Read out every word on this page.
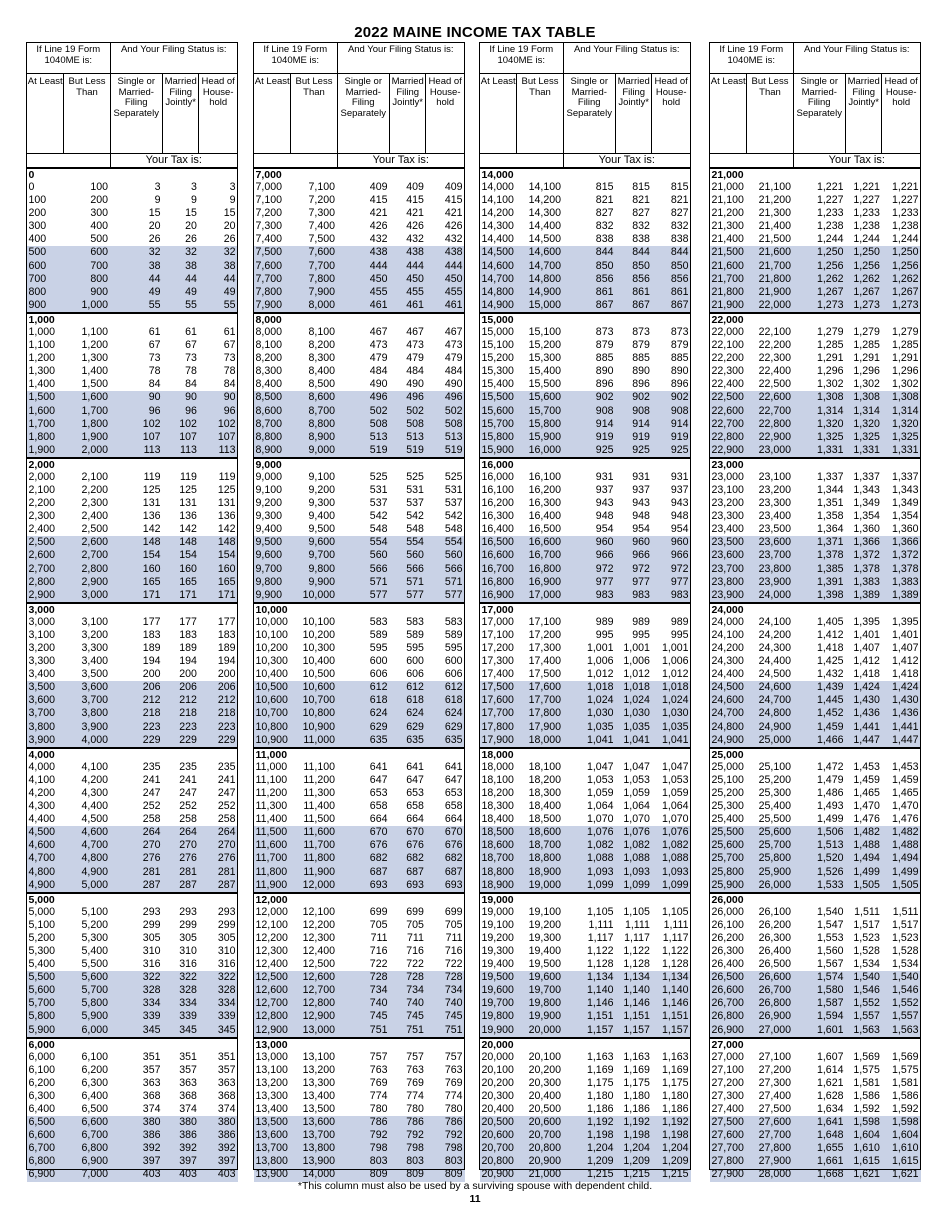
2022 MAINE INCOME TAX TABLE
If Line 19 Form 1040ME is:		And Your Filing Status is:		
At Least	But Less Than	Single or Married-Filing Separately	Married Filing Jointly*	Head of House-hold
		Your Tax is:		
0				
0	100	3	3	3
100	200	9	9	9
200	300	15	15	15
300	400	20	20	20
400	500	26	26	26
500	600	32	32	32
600	700	38	38	38
700	800	44	44	44
800	900	49	49	49
900	1,000	55	55	55
1,000				
1,000	1,100	61	61	61
1,100	1,200	67	67	67
1,200	1,300	73	73	73
1,300	1,400	78	78	78
1,400	1,500	84	84	84
1,500	1,600	90	90	90
1,600	1,700	96	96	96
1,700	1,800	102	102	102
1,800	1,900	107	107	107
1,900	2,000	113	113	113
2,000				
2,000	2,100	119	119	119
2,100	2,200	125	125	125
2,200	2,300	131	131	131
2,300	2,400	136	136	136
2,400	2,500	142	142	142
2,500	2,600	148	148	148
2,600	2,700	154	154	154
2,700	2,800	160	160	160
2,800	2,900	165	165	165
2,900	3,000	171	171	171
3,000				
3,000	3,100	177	177	177
3,100	3,200	183	183	183
3,200	3,300	189	189	189
3,300	3,400	194	194	194
3,400	3,500	200	200	200
3,500	3,600	206	206	206
3,600	3,700	212	212	212
3,700	3,800	218	218	218
3,800	3,900	223	223	223
3,900	4,000	229	229	229
4,000				
4,000	4,100	235	235	235
4,100	4,200	241	241	241
4,200	4,300	247	247	247
4,300	4,400	252	252	252
4,400	4,500	258	258	258
4,500	4,600	264	264	264
4,600	4,700	270	270	270
4,700	4,800	276	276	276
4,800	4,900	281	281	281
4,900	5,000	287	287	287
5,000				
5,000	5,100	293	293	293
5,100	5,200	299	299	299
5,200	5,300	305	305	305
5,300	5,400	310	310	310
5,400	5,500	316	316	316
5,500	5,600	322	322	322
5,600	5,700	328	328	328
5,700	5,800	334	334	334
5,800	5,900	339	339	339
5,900	6,000	345	345	345
6,000				
6,000	6,100	351	351	351
6,100	6,200	357	357	357
6,200	6,300	363	363	363
6,300	6,400	368	368	368
6,400	6,500	374	374	374
6,500	6,600	380	380	380
6,600	6,700	386	386	386
6,700	6,800	392	392	392
6,800	6,900	397	397	397
6,900	7,000	403	403	403
If Line 19 Form 1040ME is:		And Your Filing Status is:		
At Least	But Less Than	Single or Married-Filing Separately	Married Filing Jointly*	Head of House-hold
		Your Tax is:		
7,000				
7,000	7,100	409	409	409
7,100	7,200	415	415	415
7,200	7,300	421	421	421
7,300	7,400	426	426	426
7,400	7,500	432	432	432
7,500	7,600	438	438	438
7,600	7,700	444	444	444
7,700	7,800	450	450	450
7,800	7,900	455	455	455
7,900	8,000	461	461	461
8,000				
8,000	8,100	467	467	467
8,100	8,200	473	473	473
8,200	8,300	479	479	479
8,300	8,400	484	484	484
8,400	8,500	490	490	490
8,500	8,600	496	496	496
8,600	8,700	502	502	502
8,700	8,800	508	508	508
8,800	8,900	513	513	513
8,900	9,000	519	519	519
9,000				
9,000	9,100	525	525	525
9,100	9,200	531	531	531
9,200	9,300	537	537	537
9,300	9,400	542	542	542
9,400	9,500	548	548	548
9,500	9,600	554	554	554
9,600	9,700	560	560	560
9,700	9,800	566	566	566
9,800	9,900	571	571	571
9,900	10,000	577	577	577
10,000				
10,000	10,100	583	583	583
10,100	10,200	589	589	589
10,200	10,300	595	595	595
10,300	10,400	600	600	600
10,400	10,500	606	606	606
10,500	10,600	612	612	612
10,600	10,700	618	618	618
10,700	10,800	624	624	624
10,800	10,900	629	629	629
10,900	11,000	635	635	635
11,000				
11,000	11,100	641	641	641
11,100	11,200	647	647	647
11,200	11,300	653	653	653
11,300	11,400	658	658	658
11,400	11,500	664	664	664
11,500	11,600	670	670	670
11,600	11,700	676	676	676
11,700	11,800	682	682	682
11,800	11,900	687	687	687
11,900	12,000	693	693	693
12,000				
12,000	12,100	699	699	699
12,100	12,200	705	705	705
12,200	12,300	711	711	711
12,300	12,400	716	716	716
12,400	12,500	722	722	722
12,500	12,600	728	728	728
12,600	12,700	734	734	734
12,700	12,800	740	740	740
12,800	12,900	745	745	745
12,900	13,000	751	751	751
13,000				
13,000	13,100	757	757	757
13,100	13,200	763	763	763
13,200	13,300	769	769	769
13,300	13,400	774	774	774
13,400	13,500	780	780	780
13,500	13,600	786	786	786
13,600	13,700	792	792	792
13,700	13,800	798	798	798
13,800	13,900	803	803	803
13,900	14,000	809	809	809
If Line 19 Form 1040ME is:		And Your Filing Status is:		
At Least	But Less Than	Single or Married-Filing Separately	Married Filing Jointly*	Head of House-hold
		Your Tax is:		
14,000				
14,000	14,100	815	815	815
14,100	14,200	821	821	821
14,200	14,300	827	827	827
14,300	14,400	832	832	832
14,400	14,500	838	838	838
14,500	14,600	844	844	844
14,600	14,700	850	850	850
14,700	14,800	856	856	856
14,800	14,900	861	861	861
14,900	15,000	867	867	867
15,000				
15,000	15,100	873	873	873
15,100	15,200	879	879	879
15,200	15,300	885	885	885
15,300	15,400	890	890	890
15,400	15,500	896	896	896
15,500	15,600	902	902	902
15,600	15,700	908	908	908
15,700	15,800	914	914	914
15,800	15,900	919	919	919
15,900	16,000	925	925	925
16,000				
16,000	16,100	931	931	931
16,100	16,200	937	937	937
16,200	16,300	943	943	943
16,300	16,400	948	948	948
16,400	16,500	954	954	954
16,500	16,600	960	960	960
16,600	16,700	966	966	966
16,700	16,800	972	972	972
16,800	16,900	977	977	977
16,900	17,000	983	983	983
17,000				
17,000	17,100	989	989	989
17,100	17,200	995	995	995
17,200	17,300	1,001	1,001	1,001
17,300	17,400	1,006	1,006	1,006
17,400	17,500	1,012	1,012	1,012
17,500	17,600	1,018	1,018	1,018
17,600	17,700	1,024	1,024	1,024
17,700	17,800	1,030	1,030	1,030
17,800	17,900	1,035	1,035	1,035
17,900	18,000	1,041	1,041	1,041
18,000				
18,000	18,100	1,047	1,047	1,047
18,100	18,200	1,053	1,053	1,053
18,200	18,300	1,059	1,059	1,059
18,300	18,400	1,064	1,064	1,064
18,400	18,500	1,070	1,070	1,070
18,500	18,600	1,076	1,076	1,076
18,600	18,700	1,082	1,082	1,082
18,700	18,800	1,088	1,088	1,088
18,800	18,900	1,093	1,093	1,093
18,900	19,000	1,099	1,099	1,099
19,000				
19,000	19,100	1,105	1,105	1,105
19,100	19,200	1,111	1,111	1,111
19,200	19,300	1,117	1,117	1,117
19,300	19,400	1,122	1,122	1,122
19,400	19,500	1,128	1,128	1,128
19,500	19,600	1,134	1,134	1,134
19,600	19,700	1,140	1,140	1,140
19,700	19,800	1,146	1,146	1,146
19,800	19,900	1,151	1,151	1,151
19,900	20,000	1,157	1,157	1,157
20,000				
20,000	20,100	1,163	1,163	1,163
20,100	20,200	1,169	1,169	1,169
20,200	20,300	1,175	1,175	1,175
20,300	20,400	1,180	1,180	1,180
20,400	20,500	1,186	1,186	1,186
20,500	20,600	1,192	1,192	1,192
20,600	20,700	1,198	1,198	1,198
20,700	20,800	1,204	1,204	1,204
20,800	20,900	1,209	1,209	1,209
20,900	21,000	1,215	1,215	1,215
If Line 19 Form 1040ME is:		And Your Filing Status is:		
At Least	But Less Than	Single or Married-Filing Separately	Married Filing Jointly*	Head of House-hold
		Your Tax is:		
21,000				
21,000	21,100	1,221	1,221	1,221
21,100	21,200	1,227	1,227	1,227
21,200	21,300	1,233	1,233	1,233
21,300	21,400	1,238	1,238	1,238
21,400	21,500	1,244	1,244	1,244
21,500	21,600	1,250	1,250	1,250
21,600	21,700	1,256	1,256	1,256
21,700	21,800	1,262	1,262	1,262
21,800	21,900	1,267	1,267	1,267
21,900	22,000	1,273	1,273	1,273
22,000				
22,000	22,100	1,279	1,279	1,279
22,100	22,200	1,285	1,285	1,285
22,200	22,300	1,291	1,291	1,291
22,300	22,400	1,296	1,296	1,296
22,400	22,500	1,302	1,302	1,302
22,500	22,600	1,308	1,308	1,308
22,600	22,700	1,314	1,314	1,314
22,700	22,800	1,320	1,320	1,320
22,800	22,900	1,325	1,325	1,325
22,900	23,000	1,331	1,331	1,331
23,000				
23,000	23,100	1,337	1,337	1,337
23,100	23,200	1,344	1,343	1,343
23,200	23,300	1,351	1,349	1,349
23,300	23,400	1,358	1,354	1,354
23,400	23,500	1,364	1,360	1,360
23,500	23,600	1,371	1,366	1,366
23,600	23,700	1,378	1,372	1,372
23,700	23,800	1,385	1,378	1,378
23,800	23,900	1,391	1,383	1,383
23,900	24,000	1,398	1,389	1,389
24,000				
24,000	24,100	1,405	1,395	1,395
24,100	24,200	1,412	1,401	1,401
24,200	24,300	1,418	1,407	1,407
24,300	24,400	1,425	1,412	1,412
24,400	24,500	1,432	1,418	1,418
24,500	24,600	1,439	1,424	1,424
24,600	24,700	1,445	1,430	1,430
24,700	24,800	1,452	1,436	1,436
24,800	24,900	1,459	1,441	1,441
24,900	25,000	1,466	1,447	1,447
25,000				
25,000	25,100	1,472	1,453	1,453
25,100	25,200	1,479	1,459	1,459
25,200	25,300	1,486	1,465	1,465
25,300	25,400	1,493	1,470	1,470
25,400	25,500	1,499	1,476	1,476
25,500	25,600	1,506	1,482	1,482
25,600	25,700	1,513	1,488	1,488
25,700	25,800	1,520	1,494	1,494
25,800	25,900	1,526	1,499	1,499
25,900	26,000	1,533	1,505	1,505
26,000				
26,000	26,100	1,540	1,511	1,511
26,100	26,200	1,547	1,517	1,517
26,200	26,300	1,553	1,523	1,523
26,300	26,400	1,560	1,528	1,528
26,400	26,500	1,567	1,534	1,534
26,500	26,600	1,574	1,540	1,540
26,600	26,700	1,580	1,546	1,546
26,700	26,800	1,587	1,552	1,552
26,800	26,900	1,594	1,557	1,557
26,900	27,000	1,601	1,563	1,563
27,000				
27,000	27,100	1,607	1,569	1,569
27,100	27,200	1,614	1,575	1,575
27,200	27,300	1,621	1,581	1,581
27,300	27,400	1,628	1,586	1,586
27,400	27,500	1,634	1,592	1,592
27,500	27,600	1,641	1,598	1,598
27,600	27,700	1,648	1,604	1,604
27,700	27,800	1,655	1,610	1,610
27,800	27,900	1,661	1,615	1,615
27,900	28,000	1,668	1,621	1,621
*This column must also be used by a surviving spouse with dependent child.
11
